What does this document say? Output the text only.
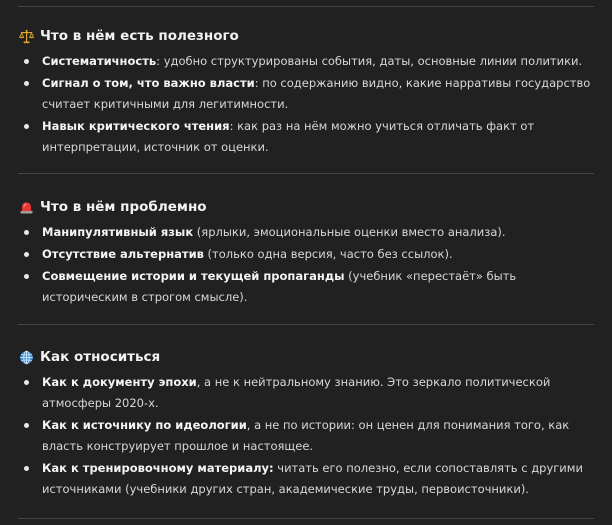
Что в нём есть полезного
Систематичность: удобно структурированы события, даты, основные линии политики.
Сигнал о том, что важно власти: по содержанию видно, какие нарративы государство считает критичными для легитимности.
Навык критического чтения: как раз на нём можно учиться отличать факт от интерпретации, источник от оценки.
Что в нём проблемно
Манипулятивный язык (ярлыки, эмоциональные оценки вместо анализа).
Отсутствие альтернатив (только одна версия, часто без ссылок).
Совмещение истории и текущей пропаганды (учебник «перестаёт» быть историческим в строгом смысле).
Как относиться
Как к документу эпохи, а не к нейтральному знанию. Это зеркало политической атмосферы 2020-х.
Как к источнику по идеологии, а не по истории: он ценен для понимания того, как власть конструирует прошлое и настоящее.
Как к тренировочному материалу: читать его полезно, если сопоставлять с другими источниками (учебники других стран, академические труды, первоисточники).
